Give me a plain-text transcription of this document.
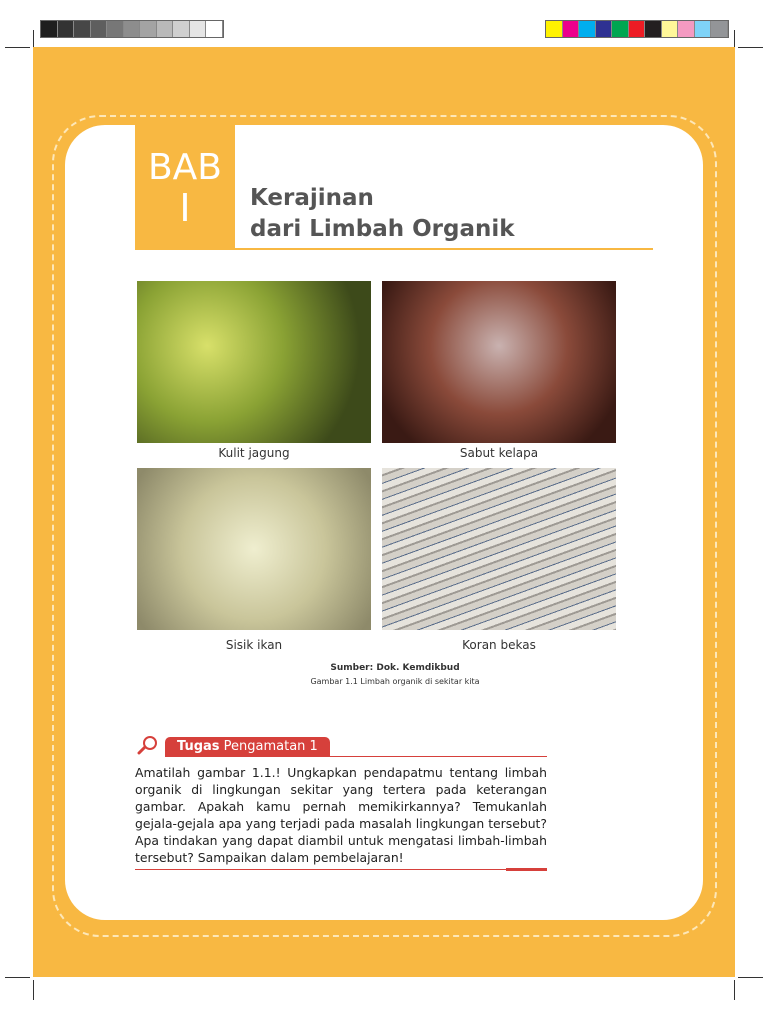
BAB
I	Kerajinan
dari Limbah Organik
Kulit jagung	Sabut kelapa
Sisik ikan	Koran bekas
Sumber: Dok. Kemdikbud
Gambar 1.1 Limbah organik di sekitar kita
Tugas Pengamatan 1
Amatilah gambar 1.1.! Ungkapkan pendapatmu tentang limbah organik di lingkungan sekitar yang tertera pada keterangan gambar. Apakah kamu pernah memikirkannya? Temukanlah gejala-gejala apa yang terjadi pada masalah lingkungan tersebut? Apa tindakan yang dapat diambil untuk mengatasi limbah-limbah tersebut? Sampaikan dalam pembelajaran!
